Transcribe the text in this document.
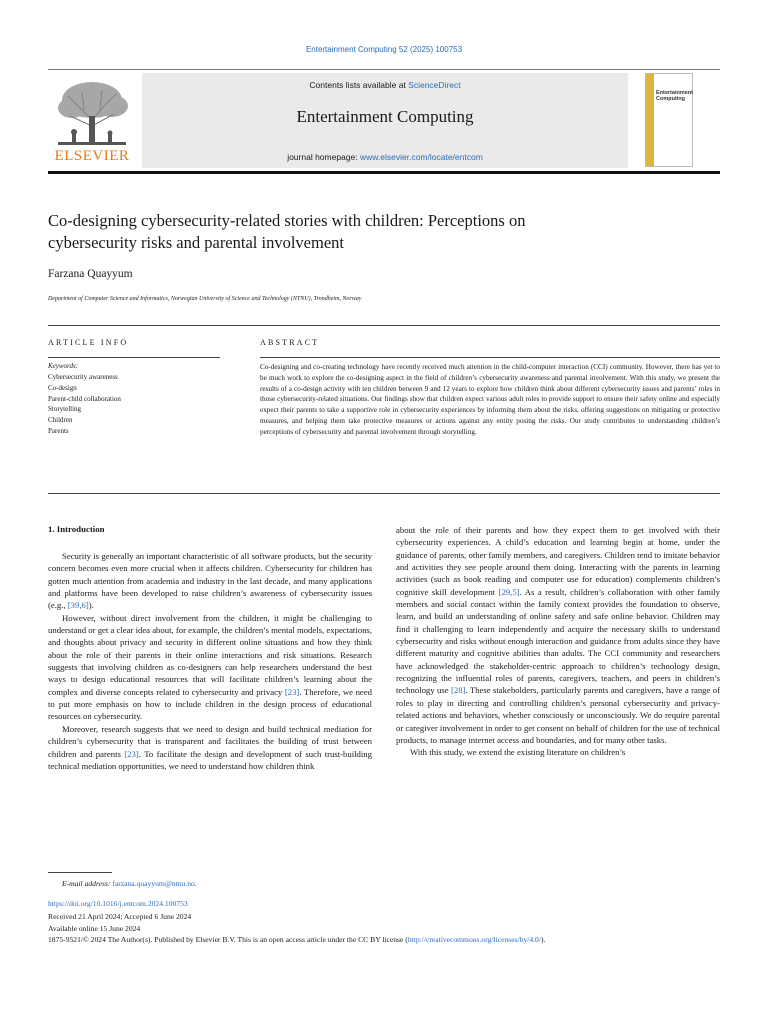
Entertainment Computing 52 (2025) 100753
ELSEVIER
Contents lists available at ScienceDirect
Entertainment Computing
journal homepage: www.elsevier.com/locate/entcom
Entertainment
Computing
Co-designing cybersecurity-related stories with children: Perceptions on
cybersecurity risks and parental involvement
Farzana Quayyum
Department of Computer Science and Informatics, Norwegian University of Science and Technology (NTNU), Trondheim, Norway
ARTICLE INFO	ABSTRACT
Keywords:
Cybersecurity awareness
Co-design
Parent-child collaboration
Storytelling
Children
Parents
Co-designing and co-creating technology have recently received much attention in the child-computer interaction (CCI) community. However, there has yet to be much work to explore the co-designing aspect in the field of children’s cybersecurity awareness and parental involvement. With this study, we present the results of a co-design activity with ten children between 9 and 12 years to explore how children think about different cybersecurity issues and parents’ roles in those cybersecurity-related situations. Our findings show that children expect various adult roles to provide support to ensure their safety online and especially expect their parents to take a supportive role in cybersecurity experiences by informing them about the risks, offering suggestions on mitigating or protective measures, and helping them take protective measures or actions against any entity posing the risks. Our study contributes to understanding children’s perceptions of cybersecurity and parental involvement through storytelling.
1. Introduction

Security is generally an important characteristic of all software products, but the security concern becomes even more crucial when it affects children. Cybersecurity for children has gotten much attention from academia and industry in the last decade, and many applications and platforms have been developed to raise children’s awareness of cybersecurity issues (e.g., [39,6]).

However, without direct involvement from the children, it might be challenging to understand or get a clear idea about, for example, the children’s mental models, expectations, and thoughts about privacy and security in different online situations and how they think about the role of their parents in their online interactions and risk situations. Research suggests that involving children as co-designers can help researchers understand the best ways to design educational resources that will facilitate children’s learning about the complex and diverse concepts related to cybersecurity and privacy [23]. Therefore, we need to put more emphasis on how to include children in the design process of educational resources on cybersecurity.

Moreover, research suggests that we need to design and build technical mediation for children’s cybersecurity that is transparent and facilitates the building of trust between children and parents [23]. To facilitate the design and development of such trust-building technical mediation opportunities, we need to understand how children think

about the role of their parents and how they expect them to get involved with their cybersecurity experiences. A child’s education and learning begin at home, under the guidance of parents, other family members, and caregivers. Children tend to imitate behavior and activities they see people around them doing. Interacting with the parents in learning activities (such as book reading and computer use for education) complements children’s cognitive skill development [29,5]. As a result, children’s collaboration with other family members and social contact within the family context provides the foundation to observe, learn, and build an understanding of online safety and safe online behavior. Children may find it challenging to learn independently and acquire the necessary skills to understand cybersecurity and risks without enough interaction and guidance from adults since they have different maturity and cognitive abilities than adults. The CCI community and researchers have acknowledged the stakeholder-centric approach to children’s technology design, recognizing the influential roles of parents, caregivers, teachers, and peers in children’s technology use [28]. These stakeholders, particularly parents and caregivers, have a range of roles to play in directing and controlling children’s personal cybersecurity and privacy-related actions and behaviors, whether consciously or unconsciously. We do require parental or caregiver involvement in order to get consent on behalf of children for the use of technical products, to manage internet access and boundaries, and for many other tasks.

With this study, we extend the existing literature on children’s

E-mail address: farzana.quayyum@ntnu.no.
https://doi.org/10.1016/j.entcom.2024.100753
Received 21 April 2024; Accepted 6 June 2024
Available online 15 June 2024
1875-9521/© 2024 The Author(s). Published by Elsevier B.V. This is an open access article under the CC BY license (http://creativecommons.org/licenses/by/4.0/).
